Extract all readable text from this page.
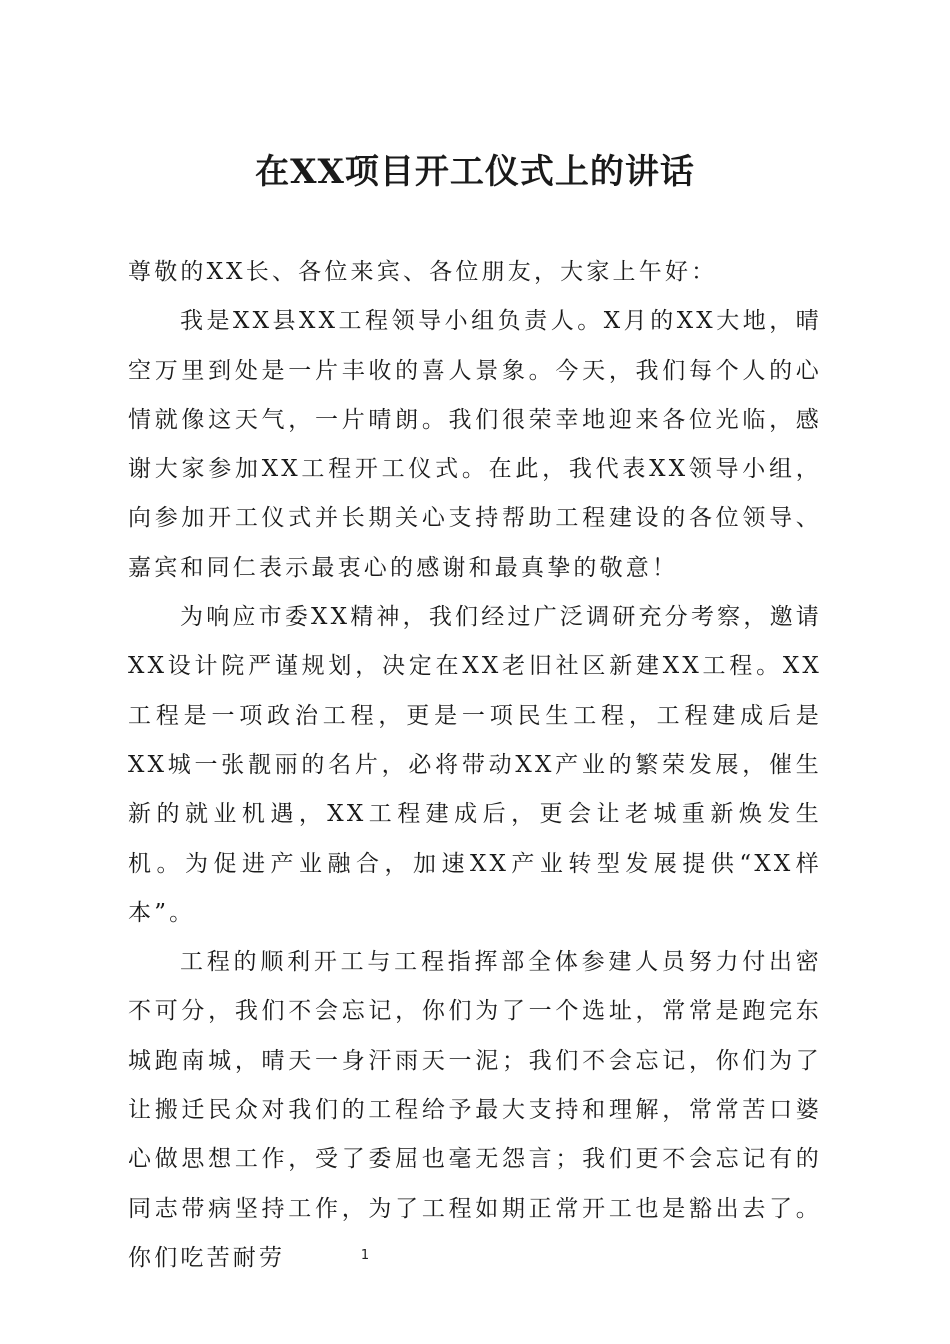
在XX项目开工仪式上的讲话

尊敬的XX长、各位来宾、各位朋友，大家上午好：

我是XX县XX工程领导小组负责人。X月的XX大地，晴空万里到处是一片丰收的喜人景象。今天，我们每个人的心情就像这天气，一片晴朗。我们很荣幸地迎来各位光临，感谢大家参加XX工程开工仪式。在此，我代表XX领导小组，向参加开工仪式并长期关心支持帮助工程建设的各位领导、嘉宾和同仁表示最衷心的感谢和最真挚的敬意！

为响应市委XX精神，我们经过广泛调研充分考察，邀请XX设计院严谨规划，决定在XX老旧社区新建XX工程。XX工程是一项政治工程，更是一项民生工程，工程建成后是XX城一张靓丽的名片，必将带动XX产业的繁荣发展，催生新的就业机遇，XX工程建成后，更会让老城重新焕发生机。为促进产业融合，加速XX产业转型发展提供“XX样本”。

工程的顺利开工与工程指挥部全体参建人员努力付出密不可分，我们不会忘记，你们为了一个选址，常常是跑完东城跑南城，晴天一身汗雨天一泥；我们不会忘记，你们为了让搬迁民众对我们的工程给予最大支持和理解，常常苦口婆心做思想工作，受了委屈也毫无怨言；我们更不会忘记有的同志带病坚持工作，为了工程如期正常开工也是豁出去了。你们吃苦耐劳	1
